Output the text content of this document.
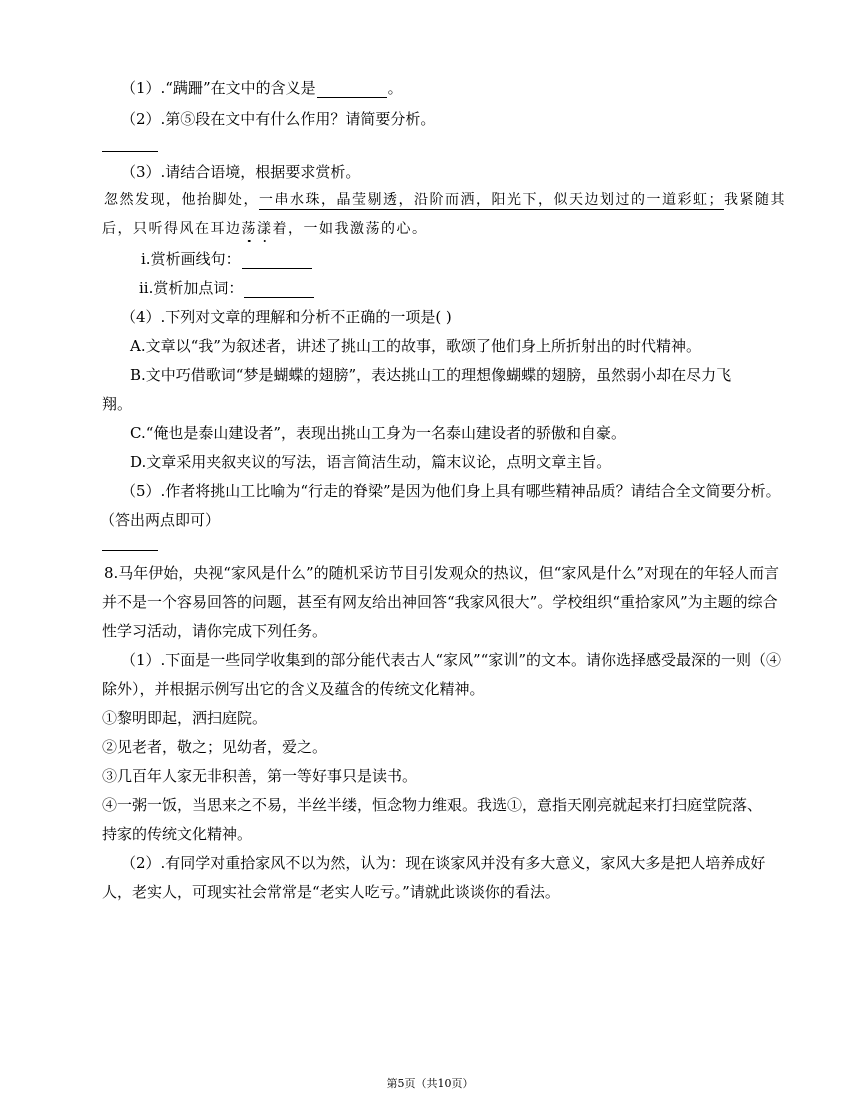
（1）.“蹒跚”在文中的含义是	。
（2）.第⑤段在文中有什么作用？请简要分析。
（3）.请结合语境，根据要求赏析。
忽然发现，他抬脚处，一串水珠，晶莹剔透，沿阶而洒，阳光下，似天边划过的一道彩虹；我紧随其
后，只听得风在耳边荡漾着，一如我激荡的心。
i.赏析画线句：
ii.赏析加点词：
（4）.下列对文章的理解和分析不正确的一项是( )
A.文章以“我”为叙述者，讲述了挑山工的故事，歌颂了他们身上所折射出的时代精神。
B.文中巧借歌词“梦是蝴蝶的翅膀”，表达挑山工的理想像蝴蝶的翅膀，虽然弱小却在尽力飞
翔。
C.“俺也是泰山建设者”，表现出挑山工身为一名泰山建设者的骄傲和自豪。
D.文章采用夹叙夹议的写法，语言简洁生动，篇末议论，点明文章主旨。
（5）.作者将挑山工比喻为“行走的脊梁”是因为他们身上具有哪些精神品质？请结合全文简要分析。
（答出两点即可）
8.马年伊始，央视“家风是什么”的随机采访节目引发观众的热议，但“家风是什么”对现在的年轻人而言
并不是一个容易回答的问题，甚至有网友给出神回答“我家风很大”。学校组织“重拾家风”为主题的综合
性学习活动，请你完成下列任务。
（1）.下面是一些同学收集到的部分能代表古人“家风”“家训”的文本。请你选择感受最深的一则（④
除外），并根据示例写出它的含义及蕴含的传统文化精神。
①黎明即起，洒扫庭院。
②见老者，敬之；见幼者，爱之。
③几百年人家无非积善，第一等好事只是读书。
④一粥一饭，当思来之不易，半丝半缕，恒念物力维艰。我选①，意指天刚亮就起来打扫庭堂院落、
持家的传统文化精神。
（2）.有同学对重拾家风不以为然，认为：现在谈家风并没有多大意义，家风大多是把人培养成好
人，老实人，可现实社会常常是“老实人吃亏。”请就此谈谈你的看法。
第5页（共10页）
